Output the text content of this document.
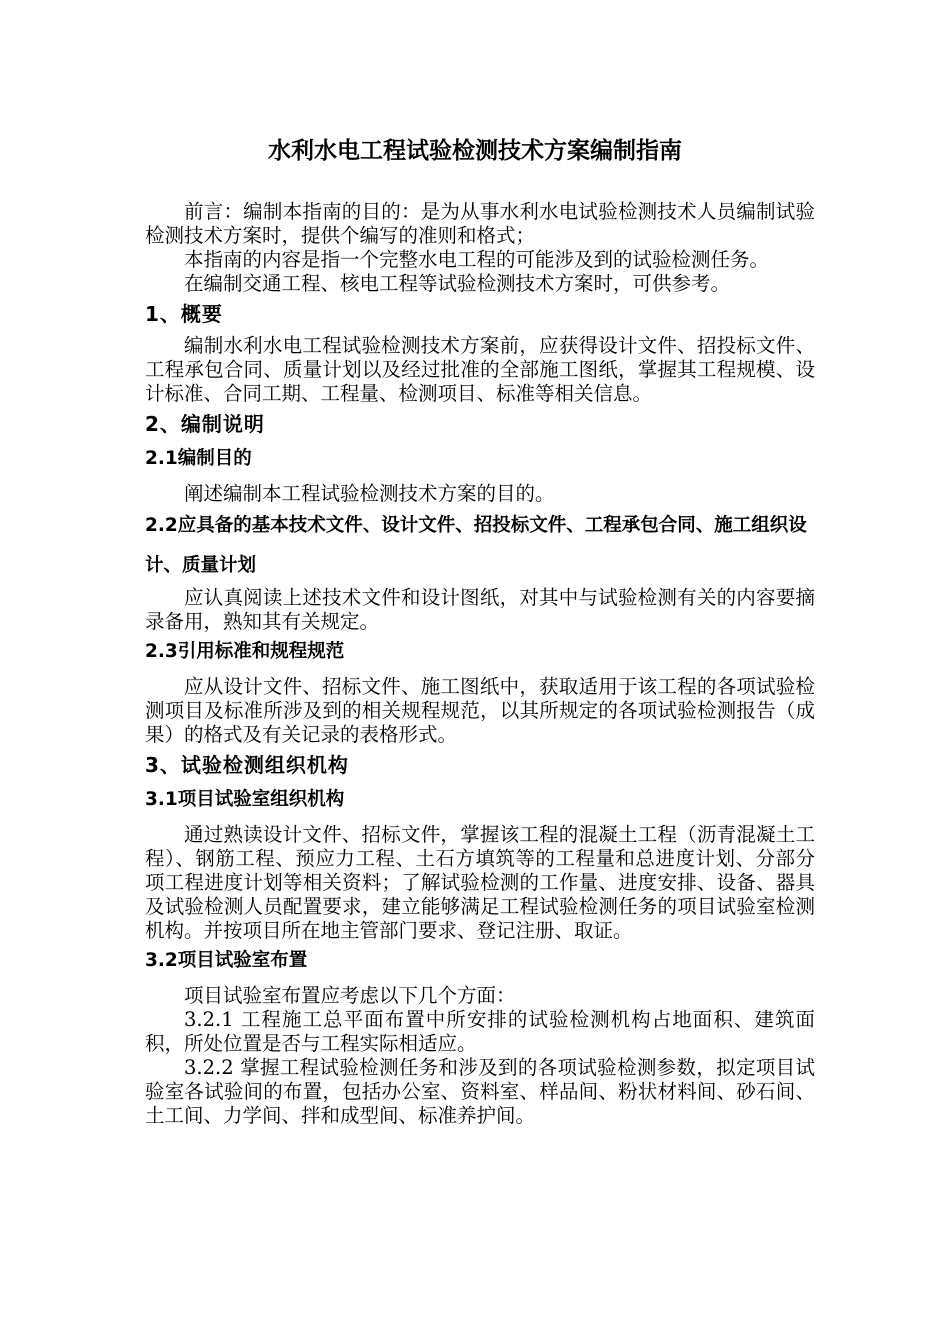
水利水电工程试验检测技术方案编制指南

前言：编制本指南的目的：是为从事水利水电试验检测技术人员编制试验检测技术方案时，提供个编写的准则和格式；

本指南的内容是指一个完整水电工程的可能涉及到的试验检测任务。

在编制交通工程、核电工程等试验检测技术方案时，可供参考。

1、概要

编制水利水电工程试验检测技术方案前，应获得设计文件、招投标文件、工程承包合同、质量计划以及经过批准的全部施工图纸，掌握其工程规模、设计标准、合同工期、工程量、检测项目、标准等相关信息。

2、编制说明
2.1编制目的

阐述编制本工程试验检测技术方案的目的。

2.2应具备的基本技术文件、设计文件、招投标文件、工程承包合同、施工组织设计、质量计划

应认真阅读上述技术文件和设计图纸，对其中与试验检测有关的内容要摘录备用，熟知其有关规定。

2.3引用标准和规程规范

应从设计文件、招标文件、施工图纸中，获取适用于该工程的各项试验检测项目及标准所涉及到的相关规程规范，以其所规定的各项试验检测报告（成果）的格式及有关记录的表格形式。

3、试验检测组织机构
3.1项目试验室组织机构

通过熟读设计文件、招标文件，掌握该工程的混凝土工程（沥青混凝土工程）、钢筋工程、预应力工程、土石方填筑等的工程量和总进度计划、分部分项工程进度计划等相关资料；了解试验检测的工作量、进度安排、设备、器具及试验检测人员配置要求，建立能够满足工程试验检测任务的项目试验室检测机构。并按项目所在地主管部门要求、登记注册、取证。

3.2项目试验室布置

项目试验室布置应考虑以下几个方面：

3.2.1 工程施工总平面布置中所安排的试验检测机构占地面积、建筑面积，所处位置是否与工程实际相适应。

3.2.2 掌握工程试验检测任务和涉及到的各项试验检测参数，拟定项目试验室各试验间的布置，包括办公室、资料室、样品间、粉状材料间、砂石间、土工间、力学间、拌和成型间、标准养护间。
